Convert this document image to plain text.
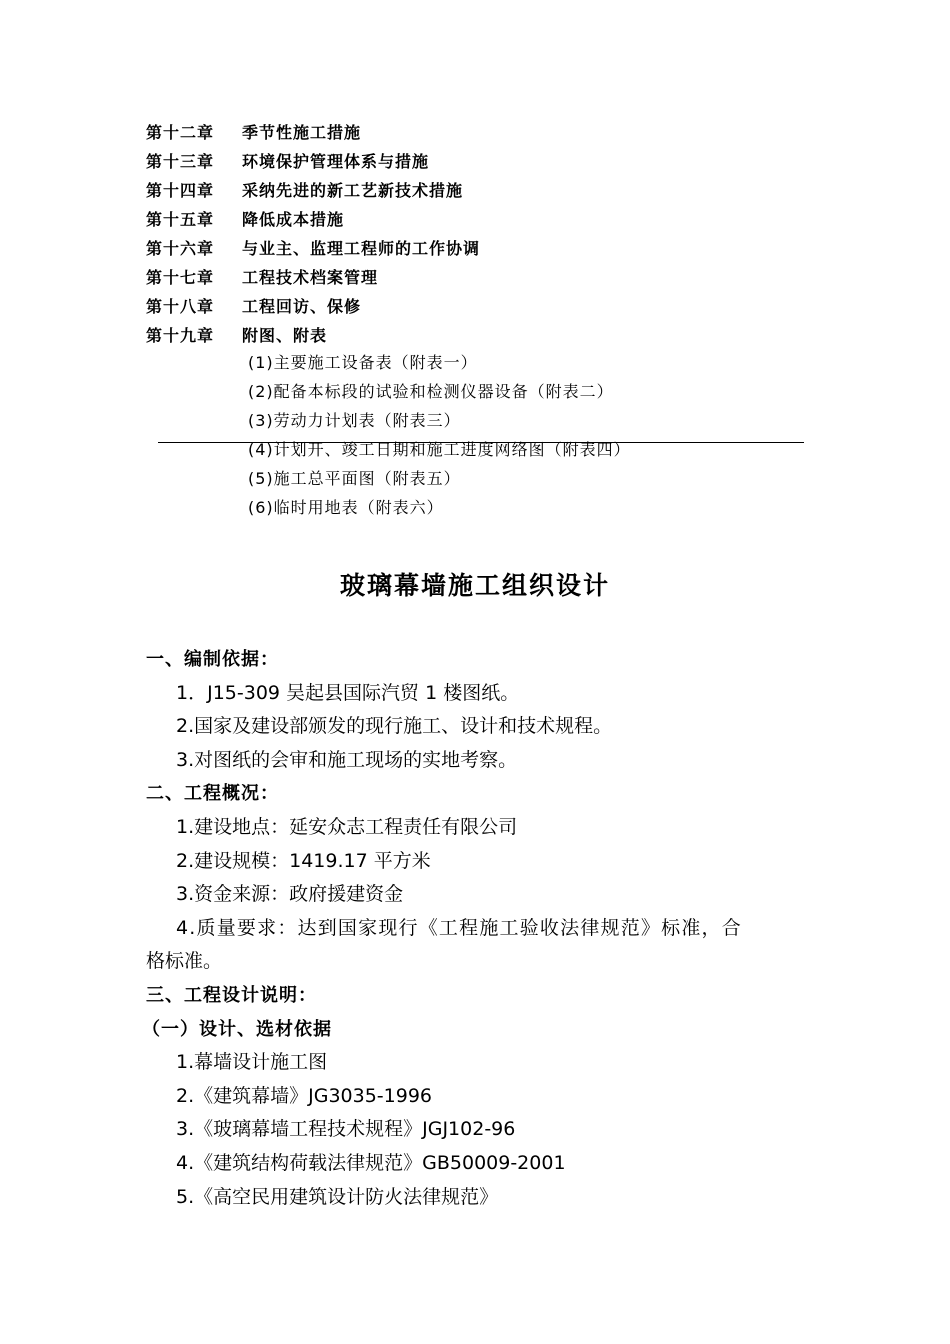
第十二章 季节性施工措施
第十三章 环境保护管理体系与措施
第十四章 采纳先进的新工艺新技术措施
第十五章 降低成本措施
第十六章 与业主、监理工程师的工作协调
第十七章 工程技术档案管理
第十八章 工程回访、保修
第十九章 附图、附表
(1)主要施工设备表（附表一）
(2)配备本标段的试验和检测仪器设备（附表二）
(3)劳动力计划表（附表三）
(4)计划开、竣工日期和施工进度网络图（附表四）
(5)施工总平面图（附表五）
(6)临时用地表（附表六）
玻璃幕墙施工组织设计
一、编制依据：
1．J15-309 吴起县国际汽贸 1 楼图纸。
2.国家及建设部颁发的现行施工、设计和技术规程。
3.对图纸的会审和施工现场的实地考察。
二、工程概况：
1.建设地点：延安众志工程责任有限公司
2.建设规模：1419.17 平方米
3.资金来源：政府援建资金
4.质量要求：达到国家现行《工程施工验收法律规范》标准，合
格标准。
三、工程设计说明：
（一）设计、选材依据
1.幕墙设计施工图
2.《建筑幕墙》JG3035-1996
3.《玻璃幕墙工程技术规程》JGJ102-96
4.《建筑结构荷载法律规范》GB50009-2001
5.《高空民用建筑设计防火法律规范》
